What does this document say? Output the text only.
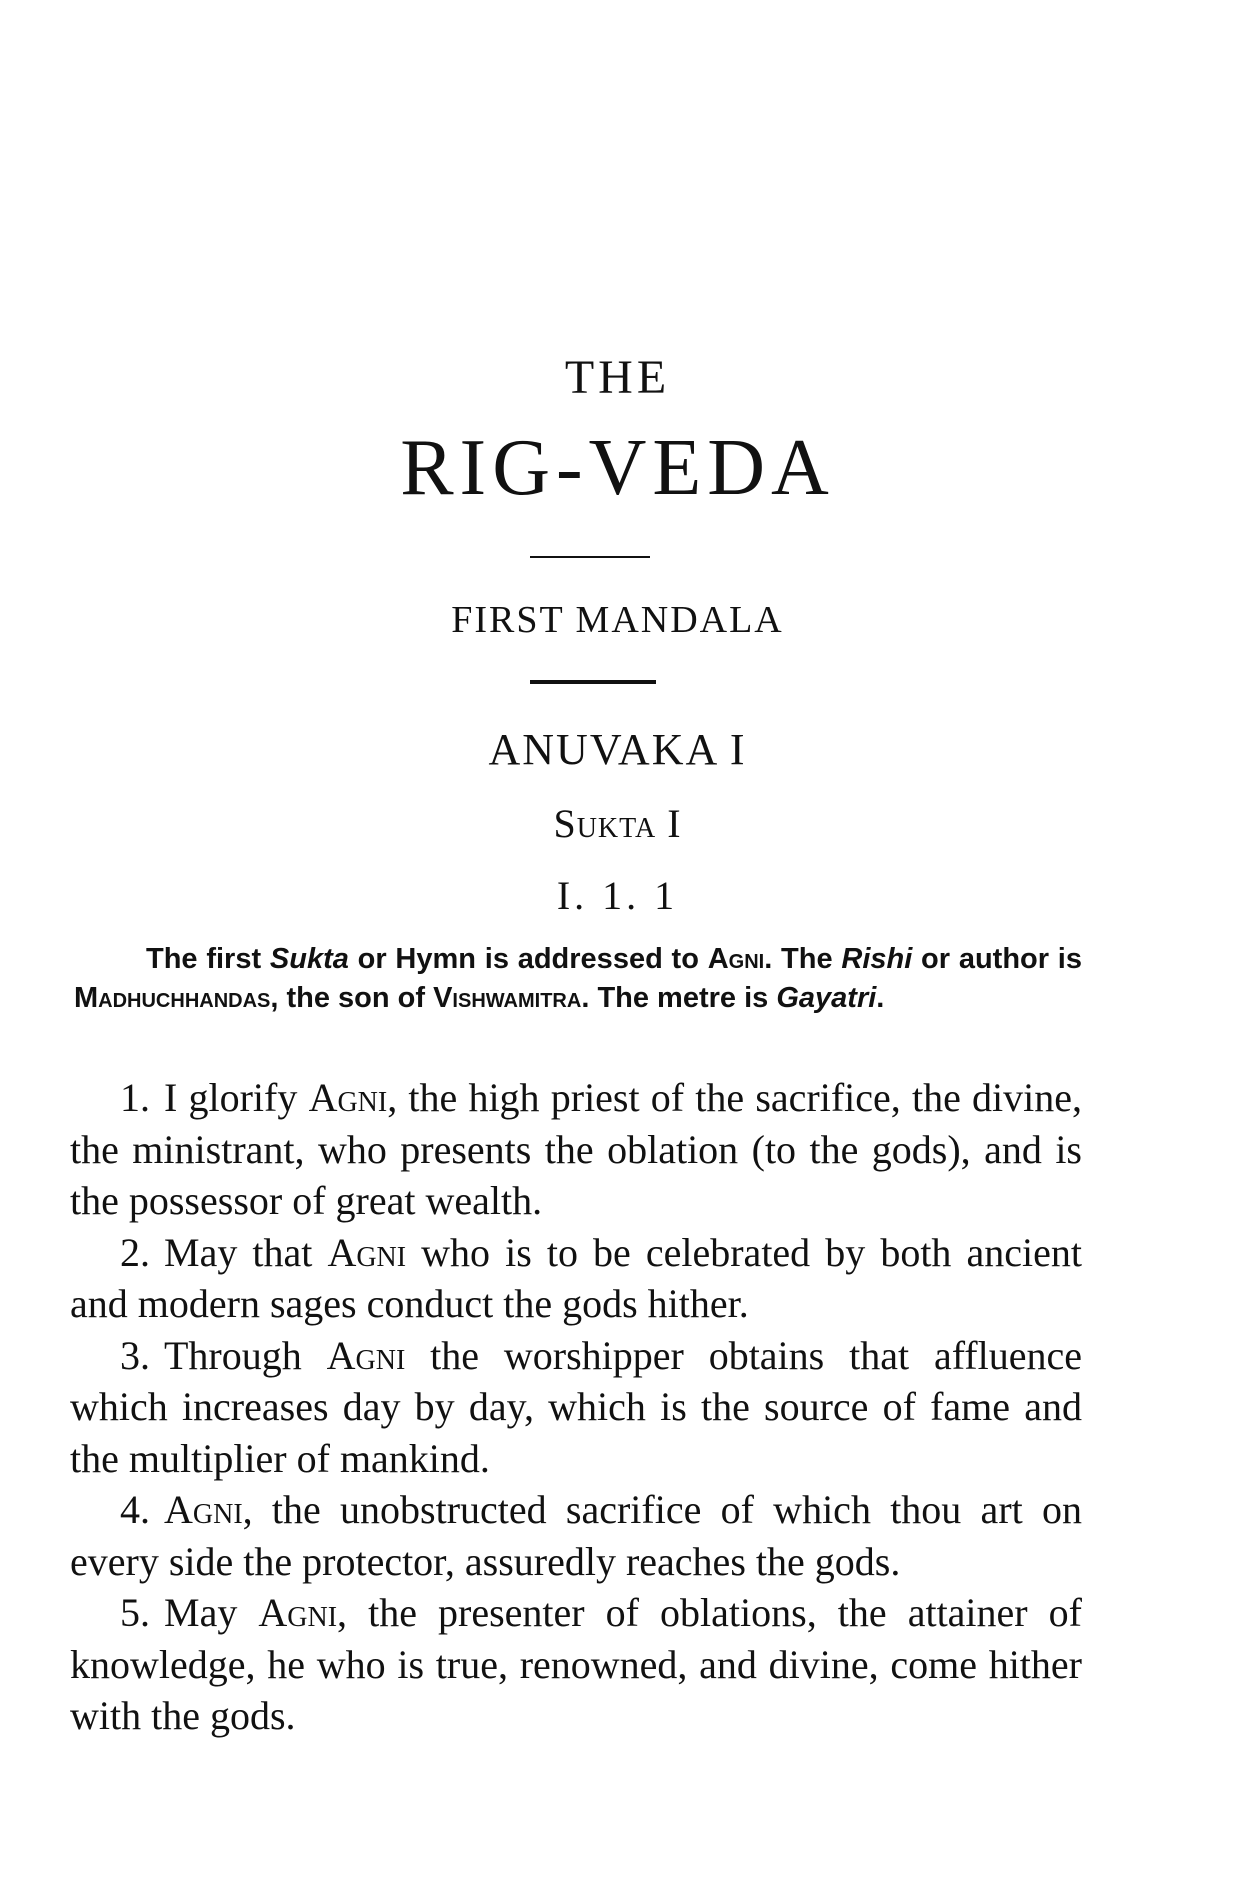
THE
RIG-VEDA
FIRST MANDALA
ANUVAKA I
Sukta I
I. 1. 1

The first Sukta or Hymn is addressed to Agni. The Rishi or author is Madhuchhandas, the son of Vishwamitra. The metre is Gayatri.

1. I glorify Agni, the high priest of the sacrifice, the divine, the ministrant, who presents the oblation (to the gods), and is the possessor of great wealth.

2. May that Agni who is to be celebrated by both ancient and modern sages conduct the gods hither.

3. Through Agni the worshipper obtains that affluence which increases day by day, which is the source of fame and the multiplier of mankind.

4. Agni, the unobstructed sacrifice of which thou art on every side the protector, assuredly reaches the gods.

5. May Agni, the presenter of oblations, the attainer of knowledge, he who is true, renowned, and divine, come hither with the gods.
